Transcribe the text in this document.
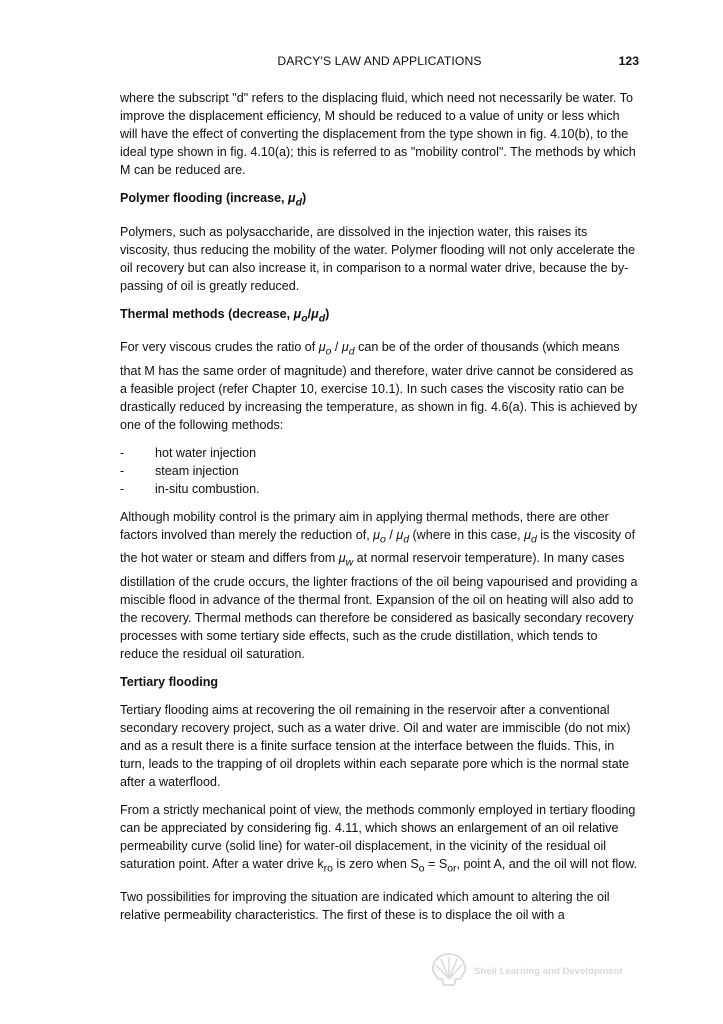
DARCY'S LAW AND APPLICATIONS	123

where the subscript "d" refers to the displacing fluid, which need not necessarily be water. To improve the displacement efficiency, M should be reduced to a value of unity or less which will have the effect of converting the displacement from the type shown in fig. 4.10(b), to the ideal type shown in fig. 4.10(a); this is referred to as "mobility control". The methods by which M can be reduced are.

Polymer flooding (increase, $\mu_d$)

Polymers, such as polysaccharide, are dissolved in the injection water, this raises its viscosity, thus reducing the mobility of the water. Polymer flooding will not only accelerate the oil recovery but can also increase it, in comparison to a normal water drive, because the by-passing of oil is greatly reduced.

Thermal methods (decrease, $\mu_o/\mu_d$)

For very viscous crudes the ratio of $\mu_o / \mu_d$ can be of the order of thousands (which means that M has the same order of magnitude) and therefore, water drive cannot be considered as a feasible project (refer Chapter 10, exercise 10.1). In such cases the viscosity ratio can be drastically reduced by increasing the temperature, as shown in fig. 4.6(a). This is achieved by one of the following methods:

- hot water injection
- steam injection
- in-situ combustion.

Although mobility control is the primary aim in applying thermal methods, there are other factors involved than merely the reduction of, $\mu_o / \mu_d$ (where in this case, $\mu_d$ is the viscosity of the hot water or steam and differs from $\mu_w$ at normal reservoir temperature). In many cases distillation of the crude occurs, the lighter fractions of the oil being vapourised and providing a miscible flood in advance of the thermal front. Expansion of the oil on heating will also add to the recovery. Thermal methods can therefore be considered as basically secondary recovery processes with some tertiary side effects, such as the crude distillation, which tends to reduce the residual oil saturation.

Tertiary flooding

Tertiary flooding aims at recovering the oil remaining in the reservoir after a conventional secondary recovery project, such as a water drive. Oil and water are immiscible (do not mix) and as a result there is a finite surface tension at the interface between the fluids. This, in turn, leads to the trapping of oil droplets within each separate pore which is the normal state after a waterflood.

From a strictly mechanical point of view, the methods commonly employed in tertiary flooding can be appreciated by considering fig. 4.11, which shows an enlargement of an oil relative permeability curve (solid line) for water-oil displacement, in the vicinity of the residual oil saturation point. After a water drive $k_{ro}$ is zero when $S_o = S_{or}$, point A, and the oil will not flow.

Two possibilities for improving the situation are indicated which amount to altering the oil relative permeability characteristics. The first of these is to displace the oil with a

Shell Learning and Development
